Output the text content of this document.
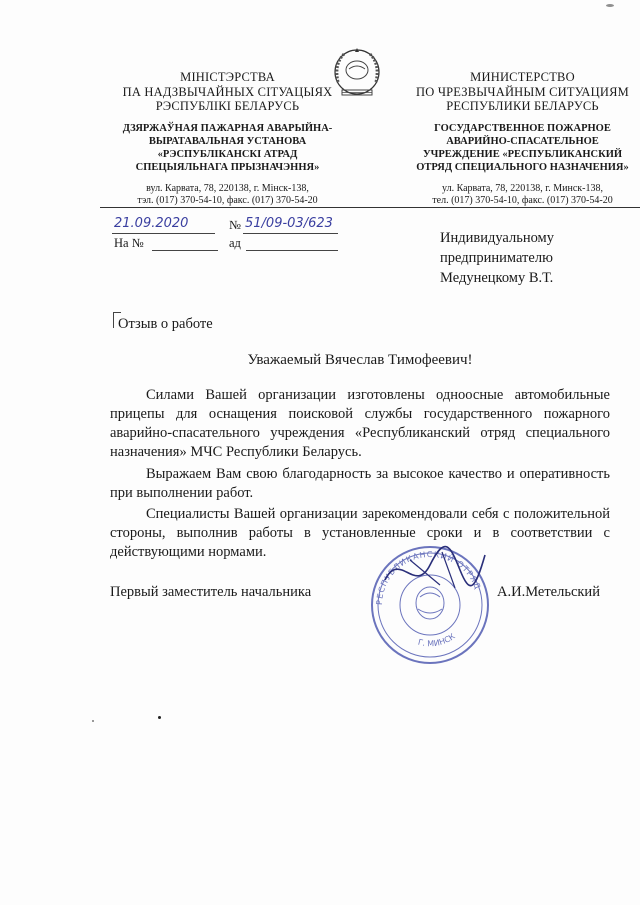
МІНІСТЭРСТВА
ПА НАДЗВЫЧАЙНЫХ СІТУАЦЫЯХ
РЭСПУБЛІКІ БЕЛАРУСЬ
ДЗЯРЖАЎНАЯ ПАЖАРНАЯ АВАРЫЙНА-
ВЫРАТАВАЛЬНАЯ УСТАНОВА
«РЭСПУБЛІКАНСКІ АТРАД
СПЕЦЫЯЛЬНАГА ПРЫЗНАЧЭННЯ»
вул. Карвата, 78, 220138, г. Мінск-138,
тэл. (017) 370-54-10, факс. (017) 370-54-20
МИНИСТЕРСТВО
ПО ЧРЕЗВЫЧАЙНЫМ СИТУАЦИЯМ
РЕСПУБЛИКИ БЕЛАРУСЬ
ГОСУДАРСТВЕННОЕ ПОЖАРНОЕ
АВАРИЙНО-СПАСАТЕЛЬНОЕ
УЧРЕЖДЕНИЕ «РЕСПУБЛИКАНСКИЙ
ОТРЯД СПЕЦИАЛЬНОГО НАЗНАЧЕНИЯ»
ул. Карвата, 78, 220138, г. Минск-138,
тел. (017) 370-54-10, факс. (017) 370-54-20
21.09.2020	№ 51/09-03/623
На №	ад	Индивидуальному
предпринимателю
Медунецкому В.Т.
Отзыв о работе
Уважаемый Вячеслав Тимофеевич!
Силами Вашей организации изготовлены одноосные автомобильные прицепы для оснащения поисковой службы государственного пожарного аварийно-спасательного учреждения «Республиканский отряд специального назначения» МЧС Республики Беларусь.
Выражаем Вам свою благодарность за высокое качество и оперативность при выполнении работ.
Специалисты Вашей организации зарекомендовали себя с положительной стороны, выполнив работы в установленные сроки и в соответствии с действующими нормами.
РЕСПУБЛИКАНСКИЙ ОТРЯД
Г. МИНСК
Первый заместитель начальника	А.И.Метельский
